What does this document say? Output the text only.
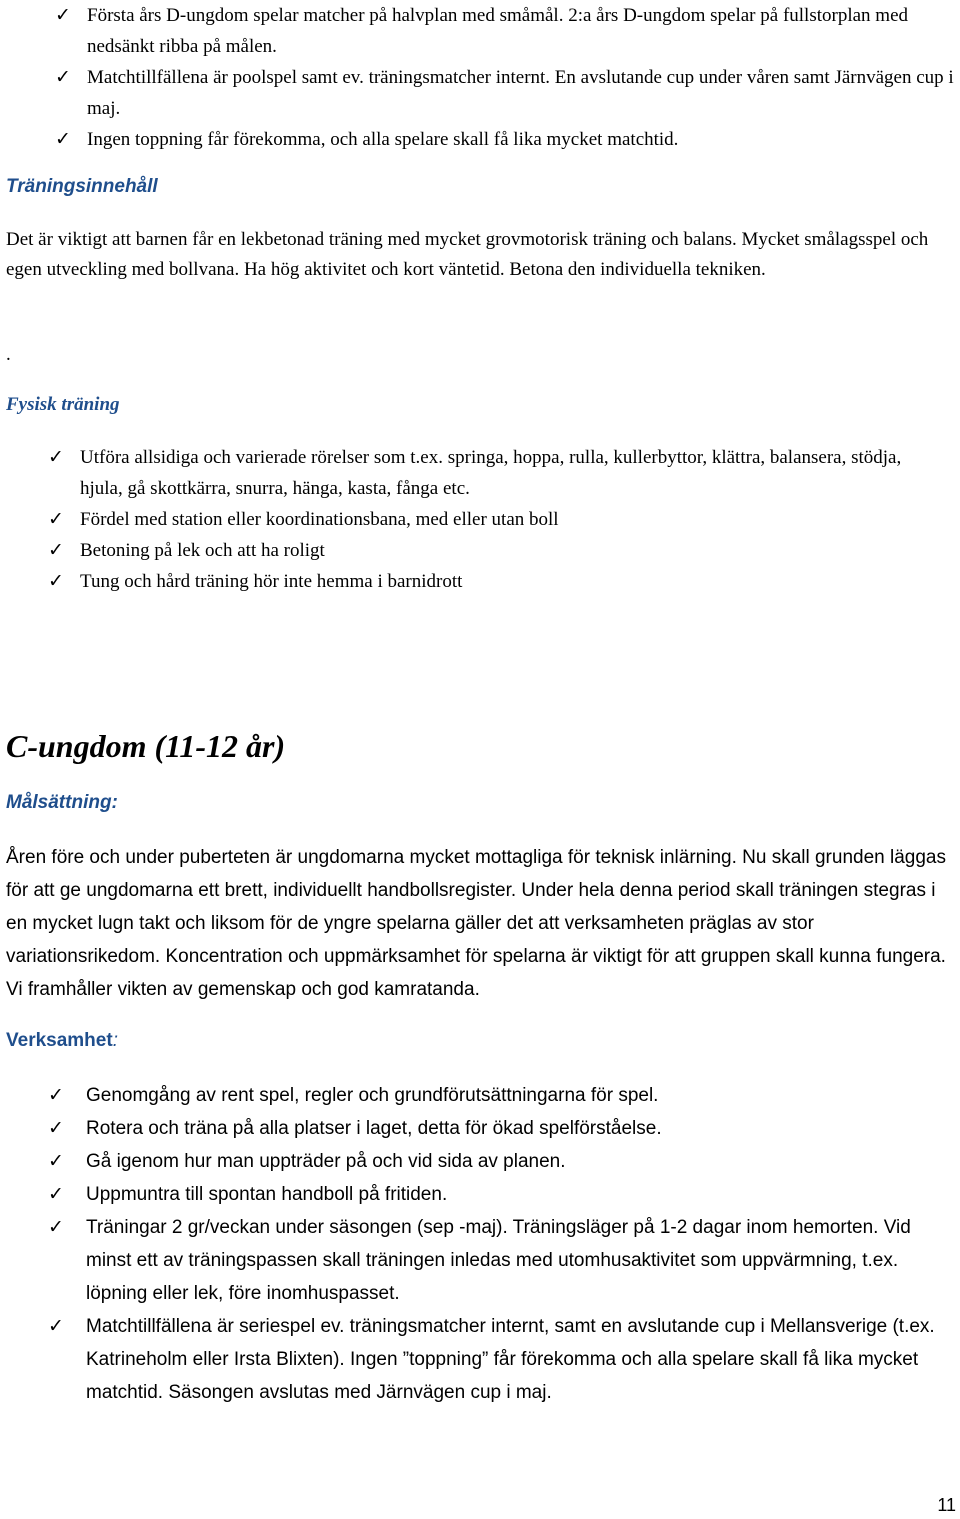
✓ Första års D-ungdom spelar matcher på halvplan med småmål. 2:a års D-ungdom spelar på fullstorplan med nedsänkt ribba på målen.
✓ Matchtillfällena är poolspel samt ev. träningsmatcher internt. En avslutande cup under våren samt Järnvägen cup i maj.
✓ Ingen toppning får förekomma, och alla spelare skall få lika mycket matchtid.
Träningsinnehåll

Det är viktigt att barnen får en lekbetonad träning med mycket grovmotorisk träning och balans. Mycket smålagsspel och egen utveckling med bollvana. Ha hög aktivitet och kort väntetid. Betona den individuella tekniken.

.

Fysisk träning
✓ Utföra allsidiga och varierade rörelser som t.ex. springa, hoppa, rulla, kullerbyttor, klättra, balansera, stödja, hjula, gå skottkärra, snurra, hänga, kasta, fånga etc.
✓ Fördel med station eller koordinationsbana, med eller utan boll
✓ Betoning på lek och att ha roligt
✓ Tung och hård träning hör inte hemma i barnidrott
C-ungdom (11-12 år)
Målsättning:

Åren före och under puberteten är ungdomarna mycket mottagliga för teknisk inlärning. Nu skall grunden läggas för att ge ungdomarna ett brett, individuellt handbollsregister. Under hela denna period skall träningen stegras i en mycket lugn takt och liksom för de yngre spelarna gäller det att verksamheten präglas av stor variationsrikedom. Koncentration och uppmärksamhet för spelarna är viktigt för att gruppen skall kunna fungera. Vi framhåller vikten av gemenskap och god kamratanda.

Verksamhet:
✓ Genomgång av rent spel, regler och grundförutsättningarna för spel.
✓ Rotera och träna på alla platser i laget, detta för ökad spelförståelse.
✓ Gå igenom hur man uppträder på och vid sida av planen.
✓ Uppmuntra till spontan handboll på fritiden.
✓ Träningar 2 gr/veckan under säsongen (sep -maj). Träningsläger på 1-2 dagar inom hemorten. Vid minst ett av träningspassen skall träningen inledas med utomhusaktivitet som uppvärmning, t.ex. löpning eller lek, före inomhuspasset.
✓ Matchtillfällena är seriespel ev. träningsmatcher internt, samt en avslutande cup i Mellansverige (t.ex. Katrineholm eller Irsta Blixten). Ingen ”toppning” får förekomma och alla spelare skall få lika mycket matchtid. Säsongen avslutas med Järnvägen cup i maj.

11
